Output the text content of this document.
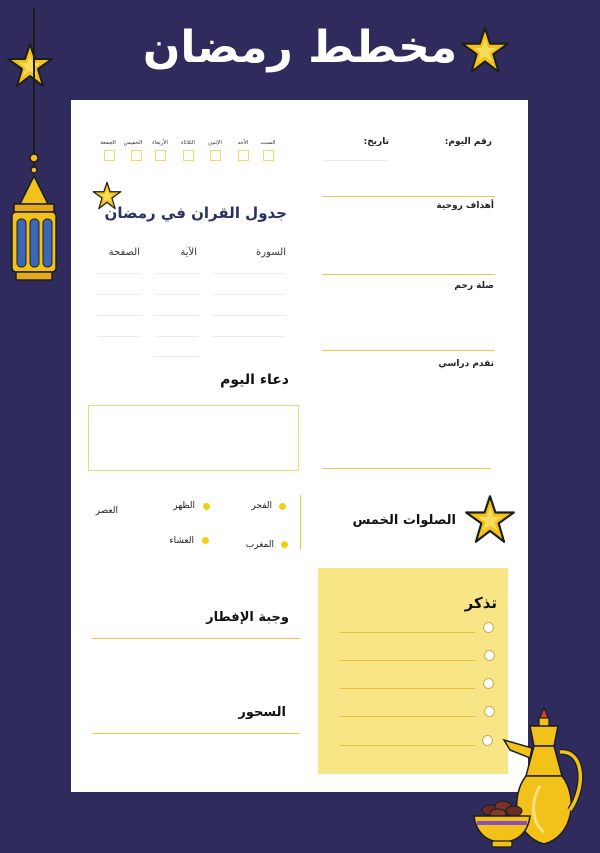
مخطط رمضان
رقم اليوم:
تاريخ:
السبت
الأحد
الإثنين
الثلاثاء
الأربعاء
الخميس
الجمعة
أهداف روحية
صلة رحم
تقدم دراسي
جدول القران في رمضان
السورة
الآية
الصفحة
دعاء اليوم
الصلوات الخمس
الفجر
الظهر
العصر
المغرب
العشاء
وجبة الإفطار
السحور
تذكر
